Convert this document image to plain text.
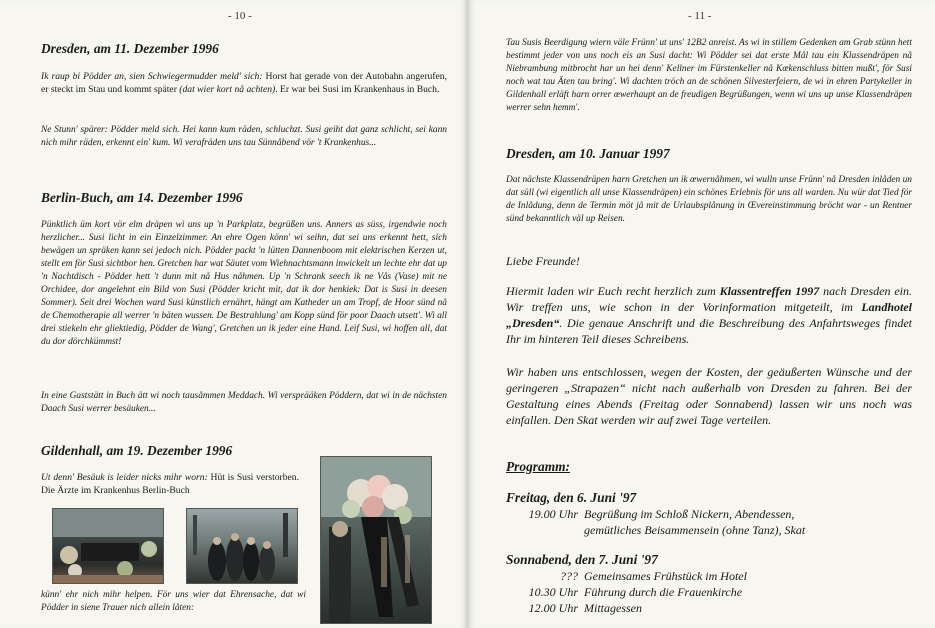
- 10 -
Dresden, am 11. Dezember 1996

Ik raup bi Pödder an, sien Schwiegermudder meld' sich: Horst hat gerade von der Autobahn angerufen, er steckt im Stau und kommt später (dat wier kort nå achten). Er war bei Susi im Krankenhaus in Buch.

Ne Stunn' spärer: Pödder meld sich. Hei kann kum räden, schluchzt. Susi geiht dat ganz schlicht, sei kann nich mihr räden, erkennt ein' kum. Wi verafräden uns tau Sünnåbend vör 't Krankenhus...

Berlin-Buch, am 14. Dezember 1996

Pünktlich üm kort vör elm dräpen wi uns up 'n Parkplatz, begrüßen uns. Anners as süss, irgendwie noch herzlicher... Susi licht in ein Einzelzimmer. An ehre Ogen könn' wi seihn, dat sei uns erkennt hett, sich bewägen un spräken kann sei jedoch nich. Pödder packt 'n lütten Dannenboom mit elektrischen Kerzen ut, stellt em för Susi sichtbor hen. Gretchen har wat Säutet vom Wiehnachtsmann inwickelt un lechte ehr dat up 'n Nachtdisch - Pödder hett 't dunn mit nå Hus nåhmen. Up 'n Schrank seech ik ne Vås (Vase) mit ne Orchidee, dor angelehnt ein Bild von Susi (Pödder kricht mit, dat ik dor henkiek: Dat is Susi in deesen Sommer). Seit drei Wochen ward Susi künstlich ernährt, hängt am Katheder un am Tropf, de Hoor sünd nå de Chemotherapie all werrer 'n bäten wussen. De Bestrahlung' am Kopp sünd för poor Daach utsett'. Wi all drei stiekeln ehr gliektiedig, Pödder de Wang', Gretchen un ik jeder eine Hand. Leif Susi, wi hoffen all, dat du dor dörchkümmst!

In eine Gaststätt in Buch ätt wi noch tausåmmen Meddach. Wi versprääken Pöddern, dat wi in de nächsten Daach Susi werrer besäuken...

Gildenhall, am 19. Dezember 1996

Ut denn' Besäuk is leider nicks mihr worn: Hüt is Susi verstorben. Die Ärzte im Krankenhus Berlin-Buch

künn' ehr nich mihr helpen. För uns wier dat Ehrensache, dat wi Pödder in siene Trauer nich allein låten:

- 11 -

Tau Susis Beerdigung wiern väle Frünn' ut uns' 12B2 anreist. As wi in stillem Gedenken am Grab stünn hett bestimmt jeder von uns noch eis an Susi dacht: Wi Pödder sei dat erste Mål tau ein Klassendräpen nå Niebrambung mitbrocht har un hei denn' Kellner im Fürstenkeller nå Kœkenschluss bitten mußt', för Susi noch wat tau Äten tau bring'. Wi dachten tröch an de schönen Silvesterfeiern, de wi in ehren Partykeller in Gildenhall erläft harn orrer œwerhaupt an de freudigen Begrüßungen, wenn wi uns up unse Klassendräpen werrer sehn hemm'.

Dresden, am 10. Januar 1997

Dat nächste Klassendräpen harn Gretchen un ik œwernåhmen, wi wulln unse Frünn' nå Dresden inlåden un dat süll (wi eigentlich all unse Klassendräpen) ein schönes Erlebnis för uns all warden. Nu wür dat Tied för de Inlådung, denn de Termin möt jå mit de Urlaubsplånung in Œvereinstimmung bröcht war - un Rentner sünd bekanntlich väl up Reisen.

Liebe Freunde!

Hiermit laden wir Euch recht herzlich zum Klassentreffen 1997 nach Dresden ein. Wir treffen uns, wie schon in der Vorinformation mitgeteilt, im Landhotel „Dresden“. Die genaue Anschrift und die Beschreibung des Anfahrtsweges findet Ihr im hinteren Teil dieses Schreibens.

Wir haben uns entschlossen, wegen der Kosten, der geäußerten Wünsche und der geringeren „Strapazen“ nicht nach außerhalb von Dresden zu fahren. Bei der Gestaltung eines Abends (Freitag oder Sonnabend) lassen wir uns noch was einfallen. Den Skat werden wir auf zwei Tage verteilen.

Programm:
Freitag, den 6. Juni '97
19.00 Uhr Begrüßung im Schloß Nickern, Abendessen,
gemütliches Beisammensein (ohne Tanz), Skat
Sonnabend, den 7. Juni '97
??? Gemeinsames Frühstück im Hotel
10.30 Uhr Führung durch die Frauenkirche
12.00 Uhr Mittagessen
